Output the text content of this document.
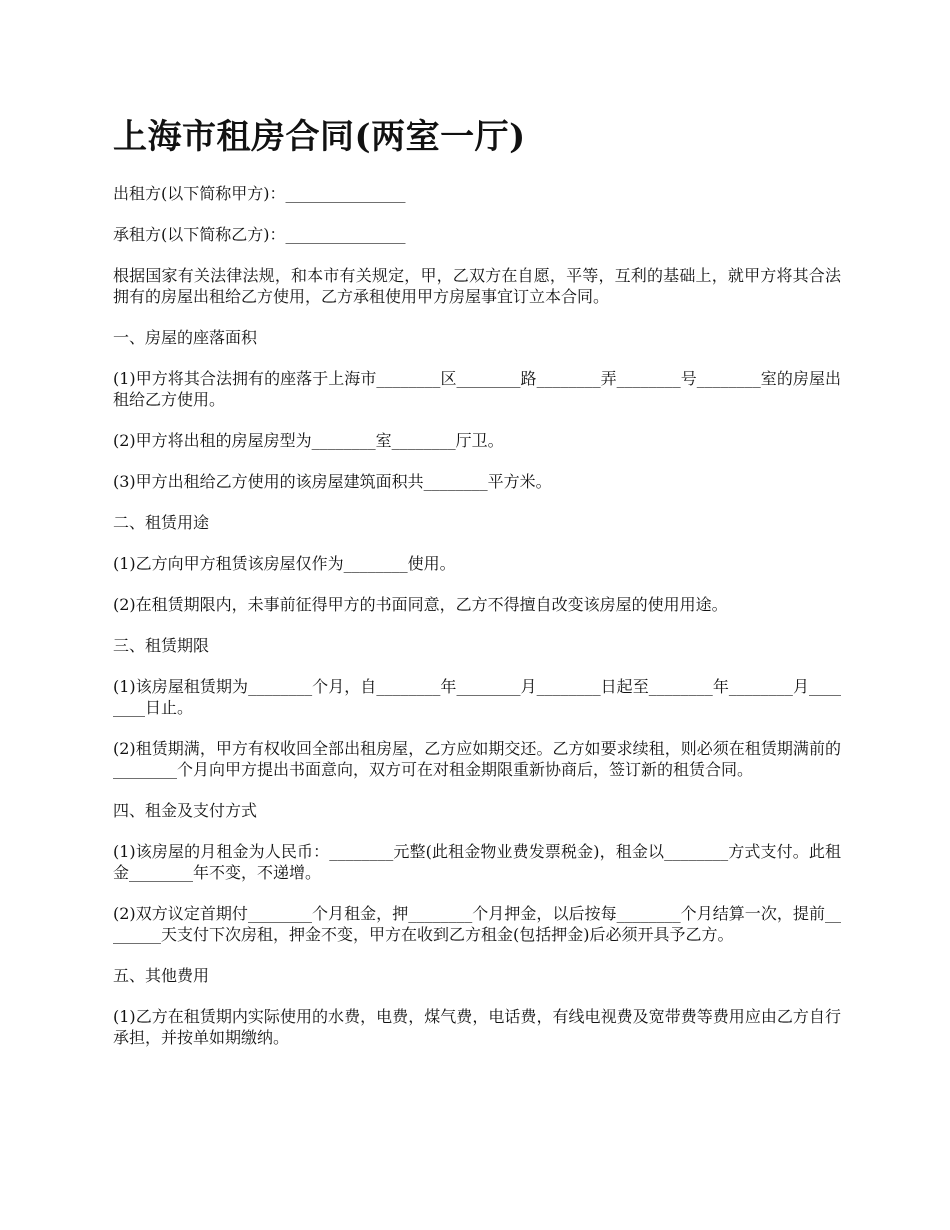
上海市租房合同(两室一厅)

出租方(以下简称甲方)：_______________

承租方(以下简称乙方)：_______________

根据国家有关法律法规，和本市有关规定，甲，乙双方在自愿，平等，互利的基础上，就甲方将其合法拥有的房屋出租给乙方使用，乙方承租使用甲方房屋事宜订立本合同。

一、房屋的座落面积

(1)甲方将其合法拥有的座落于上海市________区________路________弄________号________室的房屋出租给乙方使用。

(2)甲方将出租的房屋房型为________室________厅卫。

(3)甲方出租给乙方使用的该房屋建筑面积共________平方米。

二、租赁用途

(1)乙方向甲方租赁该房屋仅作为________使用。

(2)在租赁期限内，未事前征得甲方的书面同意，乙方不得擅自改变该房屋的使用用途。

三、租赁期限

(1)该房屋租赁期为________个月，自________年________月________日起至________年________月________日止。

(2)租赁期满，甲方有权收回全部出租房屋，乙方应如期交还。乙方如要求续租，则必须在租赁期满前的________个月向甲方提出书面意向，双方可在对租金期限重新协商后，签订新的租赁合同。

四、租金及支付方式

(1)该房屋的月租金为人民币：________元整(此租金物业费发票税金)，租金以________方式支付。此租金________年不变，不递增。

(2)双方议定首期付________个月租金，押________个月押金，以后按每________个月结算一次，提前________天支付下次房租，押金不变，甲方在收到乙方租金(包括押金)后必须开具予乙方。

五、其他费用

(1)乙方在租赁期内实际使用的水费，电费，煤气费，电话费，有线电视费及宽带费等费用应由乙方自行承担，并按单如期缴纳。
